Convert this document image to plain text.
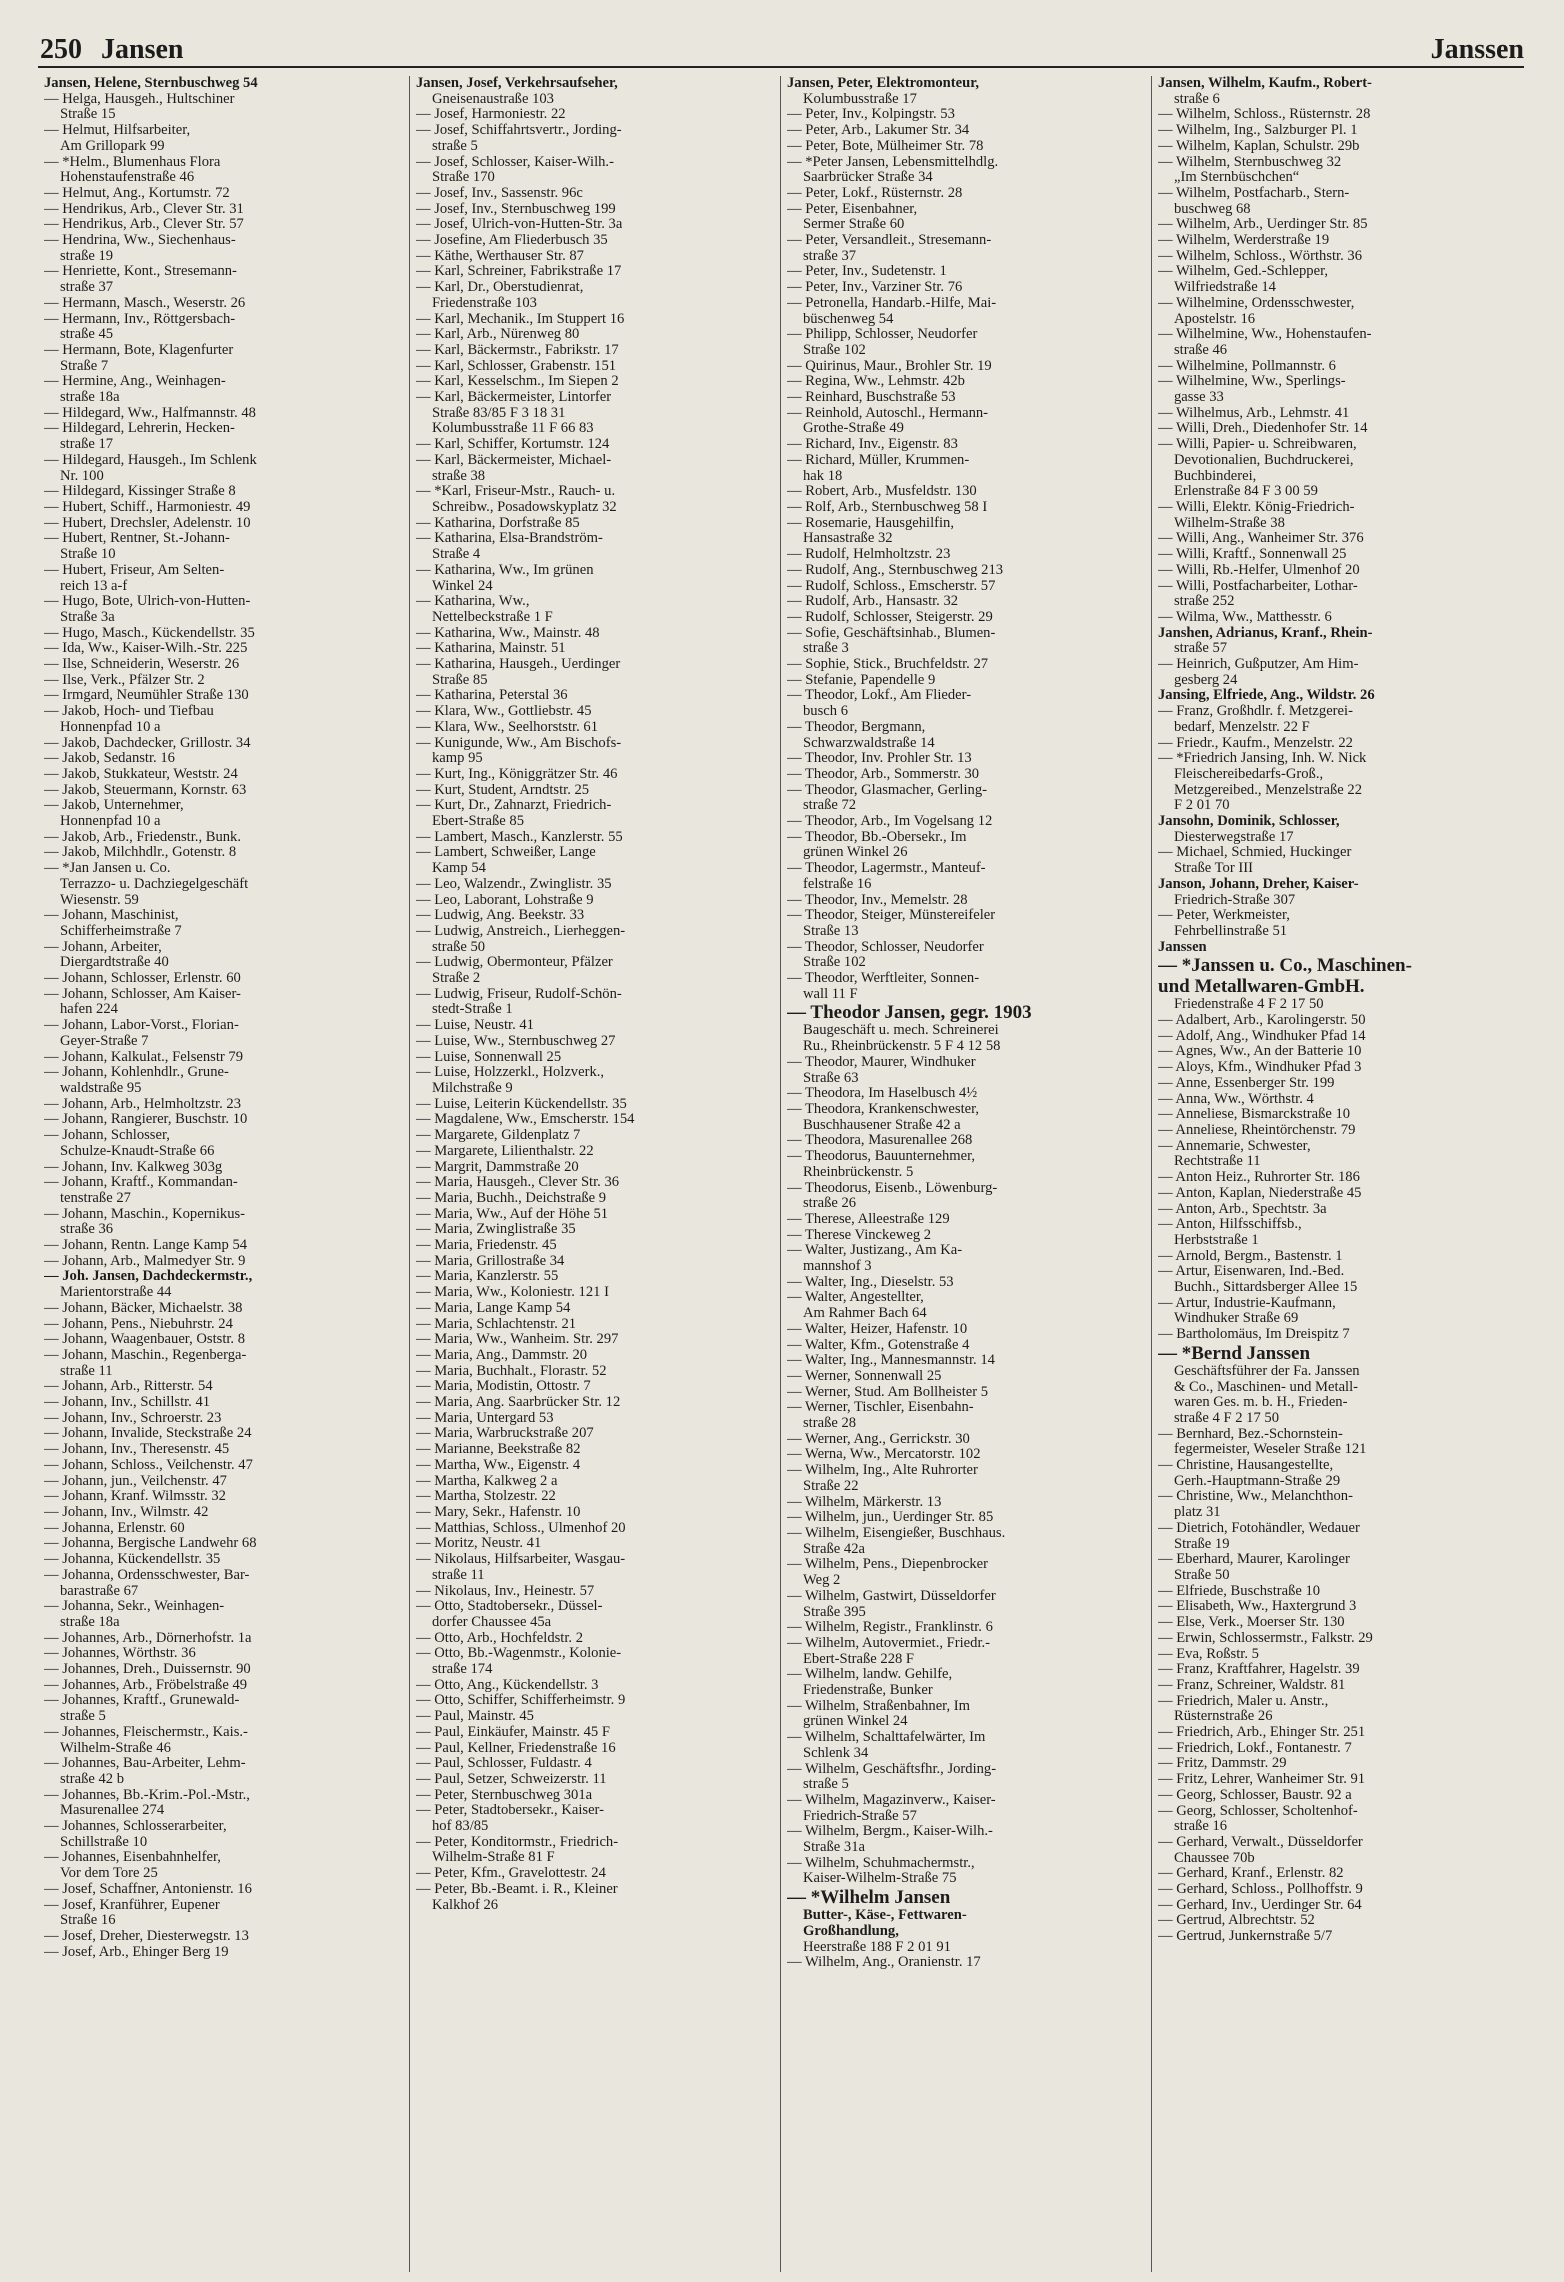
250 Jansen	Janssen
Jansen, Helene, Sternbuschweg 54
— Helga, Hausgeh., Hultschiner
Straße 15
— Helmut, Hilfsarbeiter,
Am Grillopark 99
— *Helm., Blumenhaus Flora
Hohenstaufenstraße 46
— Helmut, Ang., Kortumstr. 72
— Hendrikus, Arb., Clever Str. 31
— Hendrikus, Arb., Clever Str. 57
— Hendrina, Ww., Siechenhaus-
straße 19
— Henriette, Kont., Stresemann-
straße 37
— Hermann, Masch., Weserstr. 26
— Hermann, Inv., Röttgersbach-
straße 45
— Hermann, Bote, Klagenfurter
Straße 7
— Hermine, Ang., Weinhagen-
straße 18a
— Hildegard, Ww., Halfmannstr. 48
— Hildegard, Lehrerin, Hecken-
straße 17
— Hildegard, Hausgeh., Im Schlenk
Nr. 100
— Hildegard, Kissinger Straße 8
— Hubert, Schiff., Harmoniestr. 49
— Hubert, Drechsler, Adelenstr. 10
— Hubert, Rentner, St.-Johann-
Straße 10
— Hubert, Friseur, Am Selten-
reich 13 a-f
— Hugo, Bote, Ulrich-von-Hutten-
Straße 3a
— Hugo, Masch., Kückendellstr. 35
— Ida, Ww., Kaiser-Wilh.-Str. 225
— Ilse, Schneiderin, Weserstr. 26
— Ilse, Verk., Pfälzer Str. 2
— Irmgard, Neumühler Straße 130
— Jakob, Hoch- und Tiefbau
Honnenpfad 10 a
— Jakob, Dachdecker, Grillostr. 34
— Jakob, Sedanstr. 16
— Jakob, Stukkateur, Weststr. 24
— Jakob, Steuermann, Kornstr. 63
— Jakob, Unternehmer,
Honnenpfad 10 a
— Jakob, Arb., Friedenstr., Bunk.
— Jakob, Milchhdlr., Gotenstr. 8
— *Jan Jansen u. Co.
Terrazzo- u. Dachziegelgeschäft
Wiesenstr. 59
— Johann, Maschinist,
Schifferheimstraße 7
— Johann, Arbeiter,
Diergardtstraße 40
— Johann, Schlosser, Erlenstr. 60
— Johann, Schlosser, Am Kaiser-
hafen 224
— Johann, Labor-Vorst., Florian-
Geyer-Straße 7
— Johann, Kalkulat., Felsenstr 79
— Johann, Kohlenhdlr., Grune-
waldstraße 95
— Johann, Arb., Helmholtzstr. 23
— Johann, Rangierer, Buschstr. 10
— Johann, Schlosser,
Schulze-Knaudt-Straße 66
— Johann, Inv. Kalkweg 303g
— Johann, Kraftf., Kommandan-
tenstraße 27
— Johann, Maschin., Kopernikus-
straße 36
— Johann, Rentn. Lange Kamp 54
— Johann, Arb., Malmedyer Str. 9
— Joh. Jansen, Dachdeckermstr.,
Marientorstraße 44
— Johann, Bäcker, Michaelstr. 38
— Johann, Pens., Niebuhrstr. 24
— Johann, Waagenbauer, Oststr. 8
— Johann, Maschin., Regenberga-
straße 11
— Johann, Arb., Ritterstr. 54
— Johann, Inv., Schillstr. 41
— Johann, Inv., Schroerstr. 23
— Johann, Invalide, Steckstraße 24
— Johann, Inv., Theresenstr. 45
— Johann, Schloss., Veilchenstr. 47
— Johann, jun., Veilchenstr. 47
— Johann, Kranf. Wilmsstr. 32
— Johann, Inv., Wilmstr. 42
— Johanna, Erlenstr. 60
— Johanna, Bergische Landwehr 68
— Johanna, Kückendellstr. 35
— Johanna, Ordensschwester, Bar-
barastraße 67
— Johanna, Sekr., Weinhagen-
straße 18a
— Johannes, Arb., Dörnerhofstr. 1a
— Johannes, Wörthstr. 36
— Johannes, Dreh., Duissernstr. 90
— Johannes, Arb., Fröbelstraße 49
— Johannes, Kraftf., Grunewald-
straße 5
— Johannes, Fleischermstr., Kais.-
Wilhelm-Straße 46
— Johannes, Bau-Arbeiter, Lehm-
straße 42 b
— Johannes, Bb.-Krim.-Pol.-Mstr.,
Masurenallee 274
— Johannes, Schlosserarbeiter,
Schillstraße 10
— Johannes, Eisenbahnhelfer,
Vor dem Tore 25
— Josef, Schaffner, Antonienstr. 16
— Josef, Kranführer, Eupener
Straße 16
— Josef, Dreher, Diesterwegstr. 13
— Josef, Arb., Ehinger Berg 19
Jansen, Josef, Verkehrsaufseher,
Gneisenaustraße 103
— Josef, Harmoniestr. 22
— Josef, Schiffahrtsvertr., Jording-
straße 5
— Josef, Schlosser, Kaiser-Wilh.-
Straße 170
— Josef, Inv., Sassenstr. 96c
— Josef, Inv., Sternbuschweg 199
— Josef, Ulrich-von-Hutten-Str. 3a
— Josefine, Am Fliederbusch 35
— Käthe, Werthauser Str. 87
— Karl, Schreiner, Fabrikstraße 17
— Karl, Dr., Oberstudienrat,
Friedenstraße 103
— Karl, Mechanik., Im Stuppert 16
— Karl, Arb., Nürenweg 80
— Karl, Bäckermstr., Fabrikstr. 17
— Karl, Schlosser, Grabenstr. 151
— Karl, Kesselschm., Im Siepen 2
— Karl, Bäckermeister, Lintorfer
Straße 83/85 F 3 18 31
Kolumbusstraße 11 F 66 83
— Karl, Schiffer, Kortumstr. 124
— Karl, Bäckermeister, Michael-
straße 38
— *Karl, Friseur-Mstr., Rauch- u.
Schreibw., Posadowskyplatz 32
— Katharina, Dorfstraße 85
— Katharina, Elsa-Brandström-
Straße 4
— Katharina, Ww., Im grünen
Winkel 24
— Katharina, Ww.,
Nettelbeckstraße 1 F
— Katharina, Ww., Mainstr. 48
— Katharina, Mainstr. 51
— Katharina, Hausgeh., Uerdinger
Straße 85
— Katharina, Peterstal 36
— Klara, Ww., Gottliebstr. 45
— Klara, Ww., Seelhorststr. 61
— Kunigunde, Ww., Am Bischofs-
kamp 95
— Kurt, Ing., Königgrätzer Str. 46
— Kurt, Student, Arndtstr. 25
— Kurt, Dr., Zahnarzt, Friedrich-
Ebert-Straße 85
— Lambert, Masch., Kanzlerstr. 55
— Lambert, Schweißer, Lange
Kamp 54
— Leo, Walzendr., Zwinglistr. 35
— Leo, Laborant, Lohstraße 9
— Ludwig, Ang. Beekstr. 33
— Ludwig, Anstreich., Lierheggen-
straße 50
— Ludwig, Obermonteur, Pfälzer
Straße 2
— Ludwig, Friseur, Rudolf-Schön-
stedt-Straße 1
— Luise, Neustr. 41
— Luise, Ww., Sternbuschweg 27
— Luise, Sonnenwall 25
— Luise, Holzzerkl., Holzverk.,
Milchstraße 9
— Luise, Leiterin Kückendellstr. 35
— Magdalene, Ww., Emscherstr. 154
— Margarete, Gildenplatz 7
— Margarete, Lilienthalstr. 22
— Margrit, Dammstraße 20
— Maria, Hausgeh., Clever Str. 36
— Maria, Buchh., Deichstraße 9
— Maria, Ww., Auf der Höhe 51
— Maria, Zwinglistraße 35
— Maria, Friedenstr. 45
— Maria, Grillostraße 34
— Maria, Kanzlerstr. 55
— Maria, Ww., Koloniestr. 121 I
— Maria, Lange Kamp 54
— Maria, Schlachtenstr. 21
— Maria, Ww., Wanheim. Str. 297
— Maria, Ang., Dammstr. 20
— Maria, Buchhalt., Florastr. 52
— Maria, Modistin, Ottostr. 7
— Maria, Ang. Saarbrücker Str. 12
— Maria, Untergard 53
— Maria, Warbruckstraße 207
— Marianne, Beekstraße 82
— Martha, Ww., Eigenstr. 4
— Martha, Kalkweg 2 a
— Martha, Stolzestr. 22
— Mary, Sekr., Hafenstr. 10
— Matthias, Schloss., Ulmenhof 20
— Moritz, Neustr. 41
— Nikolaus, Hilfsarbeiter, Wasgau-
straße 11
— Nikolaus, Inv., Heinestr. 57
— Otto, Stadtobersekr., Düssel-
dorfer Chaussee 45a
— Otto, Arb., Hochfeldstr. 2
— Otto, Bb.-Wagenmstr., Kolonie-
straße 174
— Otto, Ang., Kückendellstr. 3
— Otto, Schiffer, Schifferheimstr. 9
— Paul, Mainstr. 45
— Paul, Einkäufer, Mainstr. 45 F
— Paul, Kellner, Friedenstraße 16
— Paul, Schlosser, Fuldastr. 4
— Paul, Setzer, Schweizerstr. 11
— Peter, Sternbuschweg 301a
— Peter, Stadtobersekr., Kaiser-
hof 83/85
— Peter, Konditormstr., Friedrich-
Wilhelm-Straße 81 F
— Peter, Kfm., Gravelottestr. 24
— Peter, Bb.-Beamt. i. R., Kleiner
Kalkhof 26
Jansen, Peter, Elektromonteur,
Kolumbusstraße 17
— Peter, Inv., Kolpingstr. 53
— Peter, Arb., Lakumer Str. 34
— Peter, Bote, Mülheimer Str. 78
— *Peter Jansen, Lebensmittelhdlg.
Saarbrücker Straße 34
— Peter, Lokf., Rüsternstr. 28
— Peter, Eisenbahner,
Sermer Straße 60
— Peter, Versandleit., Stresemann-
straße 37
— Peter, Inv., Sudetenstr. 1
— Peter, Inv., Varziner Str. 76
— Petronella, Handarb.-Hilfe, Mai-
büschenweg 54
— Philipp, Schlosser, Neudorfer
Straße 102
— Quirinus, Maur., Brohler Str. 19
— Regina, Ww., Lehmstr. 42b
— Reinhard, Buschstraße 53
— Reinhold, Autoschl., Hermann-
Grothe-Straße 49
— Richard, Inv., Eigenstr. 83
— Richard, Müller, Krummen-
hak 18
— Robert, Arb., Musfeldstr. 130
— Rolf, Arb., Sternbuschweg 58 I
— Rosemarie, Hausgehilfin,
Hansastraße 32
— Rudolf, Helmholtzstr. 23
— Rudolf, Ang., Sternbuschweg 213
— Rudolf, Schloss., Emscherstr. 57
— Rudolf, Arb., Hansastr. 32
— Rudolf, Schlosser, Steigerstr. 29
— Sofie, Geschäftsinhab., Blumen-
straße 3
— Sophie, Stick., Bruchfeldstr. 27
— Stefanie, Papendelle 9
— Theodor, Lokf., Am Flieder-
busch 6
— Theodor, Bergmann,
Schwarzwaldstraße 14
— Theodor, Inv. Prohler Str. 13
— Theodor, Arb., Sommerstr. 30
— Theodor, Glasmacher, Gerling-
straße 72
— Theodor, Arb., Im Vogelsang 12
— Theodor, Bb.-Obersekr., Im
grünen Winkel 26
— Theodor, Lagermstr., Manteuf-
felstraße 16
— Theodor, Inv., Memelstr. 28
— Theodor, Steiger, Münstereifeler
Straße 13
— Theodor, Schlosser, Neudorfer
Straße 102
— Theodor, Werftleiter, Sonnen-
wall 11 F
— Theodor Jansen, gegr. 1903
Baugeschäft u. mech. Schreinerei
Ru., Rheinbrückenstr. 5 F 4 12 58
— Theodor, Maurer, Windhuker
Straße 63
— Theodora, Im Haselbusch 4½
— Theodora, Krankenschwester,
Buschhausener Straße 42 a
— Theodora, Masurenallee 268
— Theodorus, Bauunternehmer,
Rheinbrückenstr. 5
— Theodorus, Eisenb., Löwenburg-
straße 26
— Therese, Alleestraße 129
— Therese Vinckeweg 2
— Walter, Justizang., Am Ka-
mannshof 3
— Walter, Ing., Dieselstr. 53
— Walter, Angestellter,
Am Rahmer Bach 64
— Walter, Heizer, Hafenstr. 10
— Walter, Kfm., Gotenstraße 4
— Walter, Ing., Mannesmannstr. 14
— Werner, Sonnenwall 25
— Werner, Stud. Am Bollheister 5
— Werner, Tischler, Eisenbahn-
straße 28
— Werner, Ang., Gerrickstr. 30
— Werna, Ww., Mercatorstr. 102
— Wilhelm, Ing., Alte Ruhrorter
Straße 22
— Wilhelm, Märkerstr. 13
— Wilhelm, jun., Uerdinger Str. 85
— Wilhelm, Eisengießer, Buschhaus.
Straße 42a
— Wilhelm, Pens., Diepenbrocker
Weg 2
— Wilhelm, Gastwirt, Düsseldorfer
Straße 395
— Wilhelm, Registr., Franklinstr. 6
— Wilhelm, Autovermiet., Friedr.-
Ebert-Straße 228 F
— Wilhelm, landw. Gehilfe,
Friedenstraße, Bunker
— Wilhelm, Straßenbahner, Im
grünen Winkel 24
— Wilhelm, Schalttafelwärter, Im
Schlenk 34
— Wilhelm, Geschäftsfhr., Jording-
straße 5
— Wilhelm, Magazinverw., Kaiser-
Friedrich-Straße 57
— Wilhelm, Bergm., Kaiser-Wilh.-
Straße 31a
— Wilhelm, Schuhmachermstr.,
Kaiser-Wilhelm-Straße 75
— *Wilhelm Jansen
Butter-, Käse-, Fettwaren-
Großhandlung,
Heerstraße 188 F 2 01 91
— Wilhelm, Ang., Oranienstr. 17
Jansen, Wilhelm, Kaufm., Robert-
straße 6
— Wilhelm, Schloss., Rüsternstr. 28
— Wilhelm, Ing., Salzburger Pl. 1
— Wilhelm, Kaplan, Schulstr. 29b
— Wilhelm, Sternbuschweg 32
„Im Sternbüschchen“
— Wilhelm, Postfacharb., Stern-
buschweg 68
— Wilhelm, Arb., Uerdinger Str. 85
— Wilhelm, Werderstraße 19
— Wilhelm, Schloss., Wörthstr. 36
— Wilhelm, Ged.-Schlepper,
Wilfriedstraße 14
— Wilhelmine, Ordensschwester,
Apostelstr. 16
— Wilhelmine, Ww., Hohenstaufen-
straße 46
— Wilhelmine, Pollmannstr. 6
— Wilhelmine, Ww., Sperlings-
gasse 33
— Wilhelmus, Arb., Lehmstr. 41
— Willi, Dreh., Diedenhofer Str. 14
— Willi, Papier- u. Schreibwaren,
Devotionalien, Buchdruckerei,
Buchbinderei,
Erlenstraße 84 F 3 00 59
— Willi, Elektr. König-Friedrich-
Wilhelm-Straße 38
— Willi, Ang., Wanheimer Str. 376
— Willi, Kraftf., Sonnenwall 25
— Willi, Rb.-Helfer, Ulmenhof 20
— Willi, Postfacharbeiter, Lothar-
straße 252
— Wilma, Ww., Matthesstr. 6
Janshen, Adrianus, Kranf., Rhein-
straße 57
— Heinrich, Gußputzer, Am Him-
gesberg 24
Jansing, Elfriede, Ang., Wildstr. 26
— Franz, Großhdlr. f. Metzgerei-
bedarf, Menzelstr. 22 F
— Friedr., Kaufm., Menzelstr. 22
— *Friedrich Jansing, Inh. W. Nick
Fleischereibedarfs-Groß.,
Metzgereibed., Menzelstraße 22
F 2 01 70
Jansohn, Dominik, Schlosser,
Diesterwegstraße 17
— Michael, Schmied, Huckinger
Straße Tor III
Janson, Johann, Dreher, Kaiser-
Friedrich-Straße 307
— Peter, Werkmeister,
Fehrbellinstraße 51
Janssen
— *Janssen u. Co., Maschinen-
und Metallwaren-GmbH.
Friedenstraße 4 F 2 17 50
— Adalbert, Arb., Karolingerstr. 50
— Adolf, Ang., Windhuker Pfad 14
— Agnes, Ww., An der Batterie 10
— Aloys, Kfm., Windhuker Pfad 3
— Anne, Essenberger Str. 199
— Anna, Ww., Wörthstr. 4
— Anneliese, Bismarckstraße 10
— Anneliese, Rheintörchenstr. 79
— Annemarie, Schwester,
Rechtstraße 11
— Anton Heiz., Ruhrorter Str. 186
— Anton, Kaplan, Niederstraße 45
— Anton, Arb., Spechtstr. 3a
— Anton, Hilfsschiffsb.,
Herbststraße 1
— Arnold, Bergm., Bastenstr. 1
— Artur, Eisenwaren, Ind.-Bed.
Buchh., Sittardsberger Allee 15
— Artur, Industrie-Kaufmann,
Windhuker Straße 69
— Bartholomäus, Im Dreispitz 7
— *Bernd Janssen
Geschäftsführer der Fa. Janssen
& Co., Maschinen- und Metall-
waren Ges. m. b. H., Frieden-
straße 4 F 2 17 50
— Bernhard, Bez.-Schornstein-
fegermeister, Weseler Straße 121
— Christine, Hausangestellte,
Gerh.-Hauptmann-Straße 29
— Christine, Ww., Melanchthon-
platz 31
— Dietrich, Fotohändler, Wedauer
Straße 19
— Eberhard, Maurer, Karolinger
Straße 50
— Elfriede, Buschstraße 10
— Elisabeth, Ww., Haxtergrund 3
— Else, Verk., Moerser Str. 130
— Erwin, Schlossermstr., Falkstr. 29
— Eva, Roßstr. 5
— Franz, Kraftfahrer, Hagelstr. 39
— Franz, Schreiner, Waldstr. 81
— Friedrich, Maler u. Anstr.,
Rüsternstraße 26
— Friedrich, Arb., Ehinger Str. 251
— Friedrich, Lokf., Fontanestr. 7
— Fritz, Dammstr. 29
— Fritz, Lehrer, Wanheimer Str. 91
— Georg, Schlosser, Baustr. 92 a
— Georg, Schlosser, Scholtenhof-
straße 16
— Gerhard, Verwalt., Düsseldorfer
Chaussee 70b
— Gerhard, Kranf., Erlenstr. 82
— Gerhard, Schloss., Pollhoffstr. 9
— Gerhard, Inv., Uerdinger Str. 64
— Gertrud, Albrechtstr. 52
— Gertrud, Junkernstraße 5/7
